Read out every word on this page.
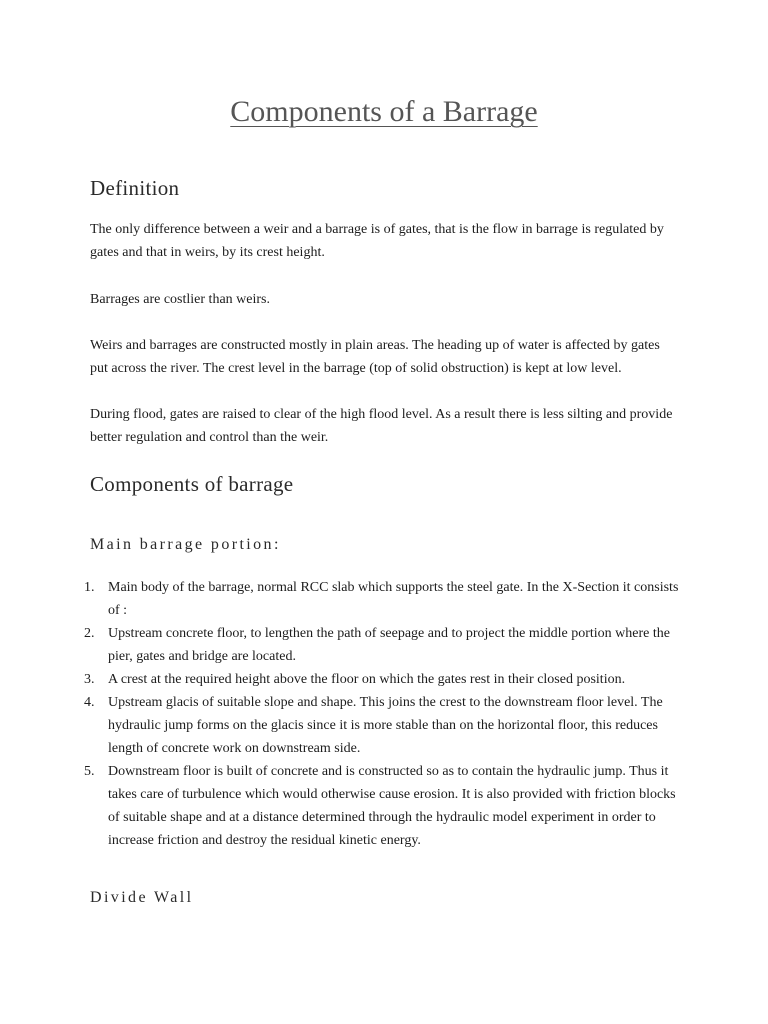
Components of a Barrage
Definition

The only difference between a weir and a barrage is of gates, that is the flow in barrage is regulated by gates and that in weirs, by its crest height.

Barrages are costlier than weirs.

Weirs and barrages are constructed mostly in plain areas. The heading up of water is affected by gates put across the river. The crest level in the barrage (top of solid obstruction) is kept at low level.

During flood, gates are raised to clear of the high flood level. As a result there is less silting and provide better regulation and control than the weir.

Components of barrage
Main barrage portion:
1. Main body of the barrage, normal RCC slab which supports the steel gate. In the X-Section it consists of :
2. Upstream concrete floor, to lengthen the path of seepage and to project the middle portion where the pier, gates and bridge are located.
3. A crest at the required height above the floor on which the gates rest in their closed position.
4. Upstream glacis of suitable slope and shape. This joins the crest to the downstream floor level. The hydraulic jump forms on the glacis since it is more stable than on the horizontal floor, this reduces length of concrete work on downstream side.
5. Downstream floor is built of concrete and is constructed so as to contain the hydraulic jump. Thus it takes care of turbulence which would otherwise cause erosion. It is also provided with friction blocks of suitable shape and at a distance determined through the hydraulic model experiment in order to increase friction and destroy the residual kinetic energy.
Divide Wall
